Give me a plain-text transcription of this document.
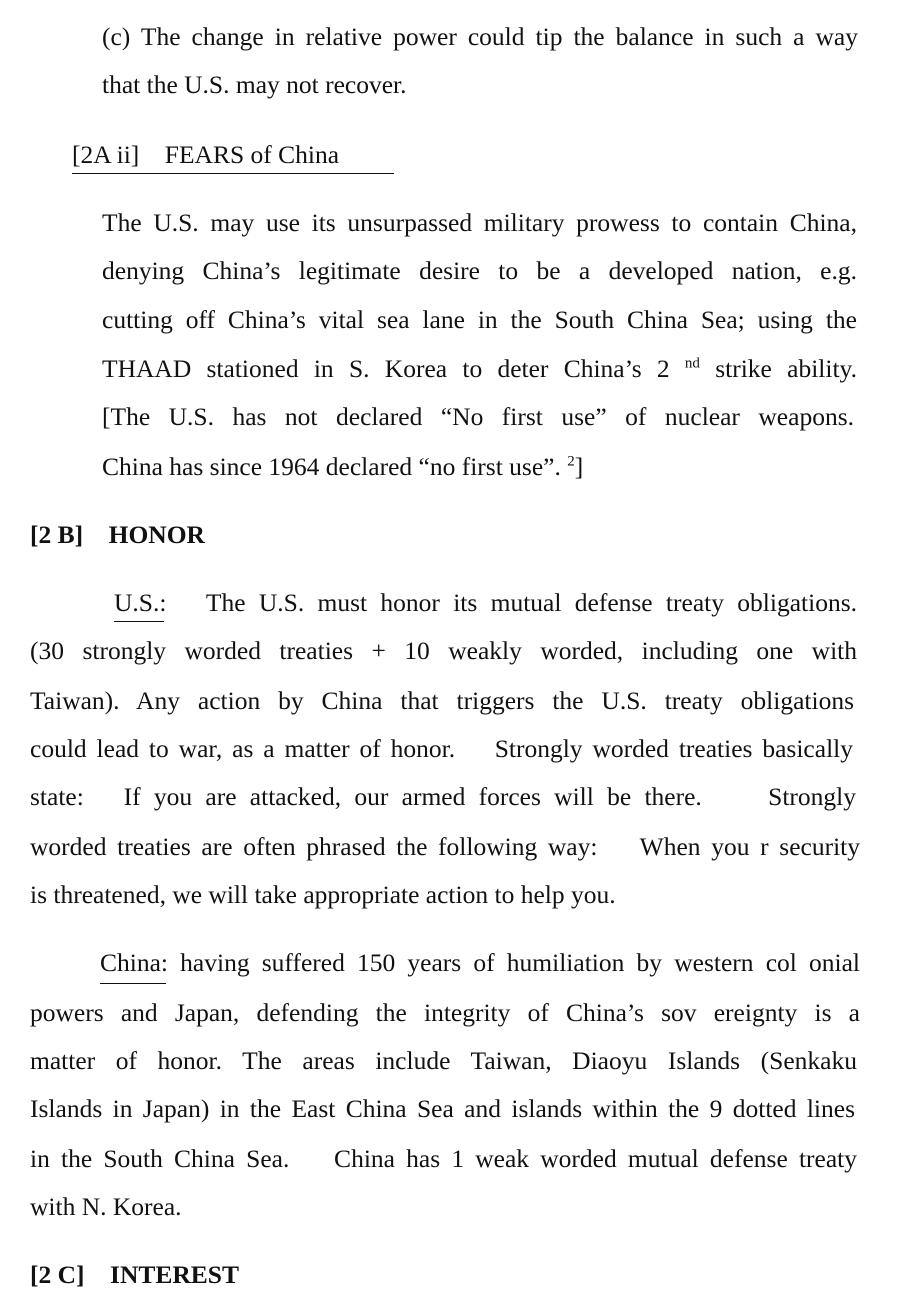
(c) The change in relative power could tip the balance in such a way
that the U.S. may not recover.
[2A ii]    FEARS of China
The U.S. may use its unsurpassed military prowess to contain China,
denying China’s legitimate desire to be a developed nation, e.g.
cutting off China’s vital sea lane in the South China Sea; using the
THAAD stationed in S. Korea to deter China’s 2 $^{nd}$ strike ability.
[The U.S. has not declared “No first use” of nuclear weapons.
China has since 1964 declared “no first use”. $^2$]
[2 B]    HONOR
U.S.:   The U.S. must honor its mutual defense treaty obligations.
(30 strongly worded treaties + 10 weakly worded, including one with
Taiwan). Any action by China that triggers the U.S. treaty obligations
could lead to war, as a matter of honor.    Strongly worded treaties basically
state:   If you are attacked, our armed forces will be there.     Strongly
worded treaties are often phrased the following way:    When you r security
is threatened, we will take appropriate action to help you.
China: having suffered 150 years of humiliation by western col onial
powers and Japan, defending the integrity of China’s sov ereignty is a
matter of honor. The areas include Taiwan, Diaoyu Islands (Senkaku
Islands in Japan) in the East China Sea and islands within the 9 dotted lines
in the South China Sea.    China has 1 weak worded mutual defense treaty
with N. Korea.
[2 C]    INTEREST
